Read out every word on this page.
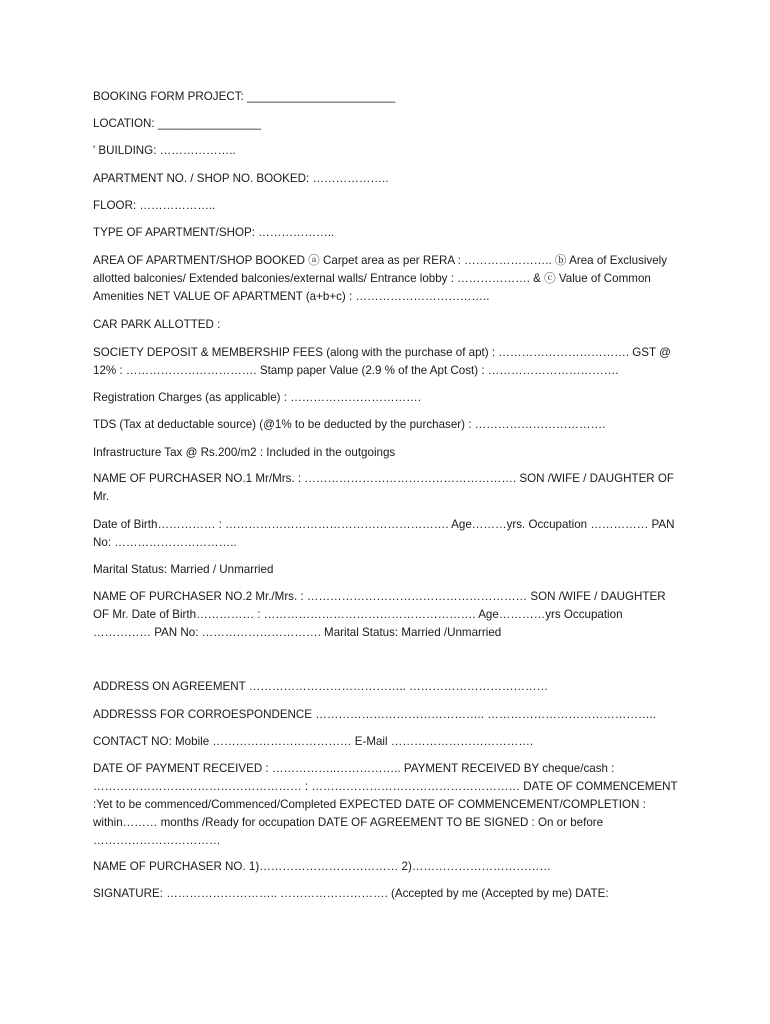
BOOKING FORM PROJECT: _______________________

LOCATION: ________________

' BUILDING: ………………..

APARTMENT NO. / SHOP NO. BOOKED: ………………..

FLOOR: ………………..

TYPE OF APARTMENT/SHOP: ………………..

AREA OF APARTMENT/SHOP BOOKED ⓐ Carpet area as per RERA : ………………….. ⓑ Area of Exclusively allotted balconies/ Extended balconies/external walls/ Entrance lobby : ………………. & ⓒ Value of Common Amenities NET VALUE OF APARTMENT (a+b+c) : ……………………………..

CAR PARK ALLOTTED :

SOCIETY DEPOSIT & MEMBERSHIP FEES (along with the purchase of apt) : ……………………………. GST @ 12% : ……………………………. Stamp paper Value (2.9 % of the Apt Cost) : …………………………….

Registration Charges (as applicable) : …………………………….

TDS (Tax at deductable source) (@1% to be deducted by the purchaser) : …………………………….

Infrastructure Tax @ Rs.200/m2 : Included in the outgoings

NAME OF PURCHASER NO.1 Mr/Mrs. : ………………………………………………. SON /WIFE / DAUGHTER OF Mr.

Date of Birth…………… : …………………………………………………. Age………yrs. Occupation …………… PAN No: …………………………..

Marital Status: Married / Unmarried

NAME OF PURCHASER NO.2 Mr./Mrs. : ………………………………………………… SON /WIFE / DAUGHTER OF Mr. Date of Birth…………… : ………………………………………………. Age…………yrs Occupation …………… PAN No: …………………………. Marital Status: Married /Unmarried

ADDRESS ON AGREEMENT ………………………………….. ………………………………

ADDRESSS FOR CORROESPONDENCE …………………………………….. ……………………………………..

CONTACT NO: Mobile ……………………………… E-Mail ……………………………….

DATE OF PAYMENT RECEIVED : ……………..…………….. PAYMENT RECEIVED BY cheque/cash : ……………………………………………… : ……………………………………………… DATE OF COMMENCEMENT :Yet to be commenced/Commenced/Completed EXPECTED DATE OF COMMENCEMENT/COMPLETION : within……… months /Ready for occupation DATE OF AGREEMENT TO BE SIGNED : On or before ……………………………

NAME OF PURCHASER NO. 1)……………………………… 2)………………………………

SIGNATURE: ……………………….. ………………………. (Accepted by me (Accepted by me) DATE:
